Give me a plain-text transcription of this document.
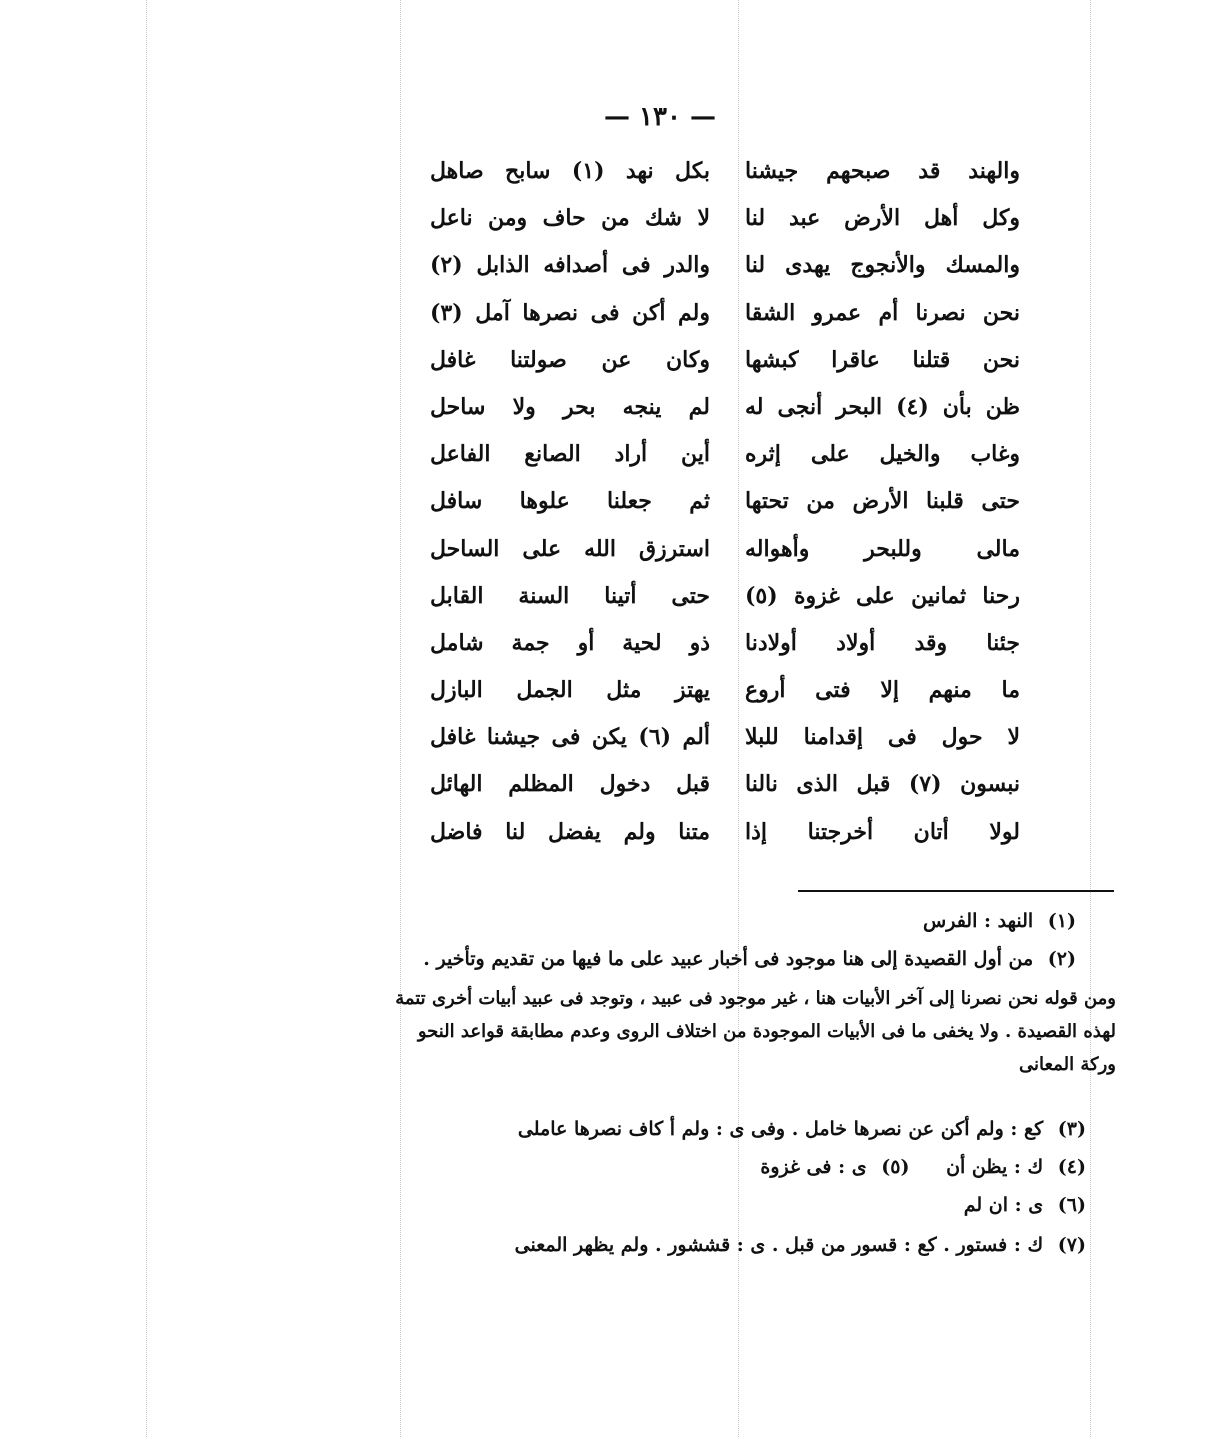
— ١٣٠ —
والهند قد صبحهم جيشنا
بكل نهد (١) سابح صاهل
وكل أهل الأرض عبد لنا
لا شك من حاف ومن ناعل
والمسك والأنجوج يهدى لنا
والدر فى أصدافه الذابل (٢)
نحن نصرنا أم عمرو الشقا
ولم أكن فى نصرها آمل (٣)
نحن قتلنا عاقرا كبشها
وكان عن صولتنا غافل
ظن بأن (٤) البحر أنجى له
لم ينجه بحر ولا ساحل
وغاب والخيل على إثره
أين أراد الصانع الفاعل
حتى قلبنا الأرض من تحتها
ثم جعلنا علوها سافل
مالى وللبحر وأهواله
استرزق الله على الساحل
رحنا ثمانين على غزوة (٥)
حتى أتينا السنة القابل
جئنا وقد أولاد أولادنا
ذو لحية أو جمة شامل
ما منهم إلا فتى أروع
يهتز مثل الجمل البازل
لا حول فى إقدامنا للبلا
ألم (٦) يكن فى جيشنا غافل
نبسون (٧) قبل الذى نالنا
قبل دخول المظلم الهائل
لولا أتان أخرجتنا إذا
متنا ولم يفضل لنا فاضل
(١) النهد : الفرس
(٢) من أول القصيدة إلى هنا موجود فى أخبار عبيد على ما فيها من تقديم وتأخير .
ومن قوله نحن نصرنا إلى آخر الأبيات هنا ، غير موجود فى عبيد ، وتوجد فى عبيد أبيات أخرى تتمة لهذه القصيدة . ولا يخفى ما فى الأبيات الموجودة من اختلاف الروى وعدم مطابقة قواعد النحو وركة المعانى
(٣) كع : ولم أكن عن نصرها خامل . وفى ى : ولم أ كاف نصرها عاملى
(٤) ك : يظن أن (٥) ى : فى غزوة
(٦) ى : ان لم
(٧) ك : فستور . كع : قسور من قبل . ى : قششور . ولم يظهر المعنى
